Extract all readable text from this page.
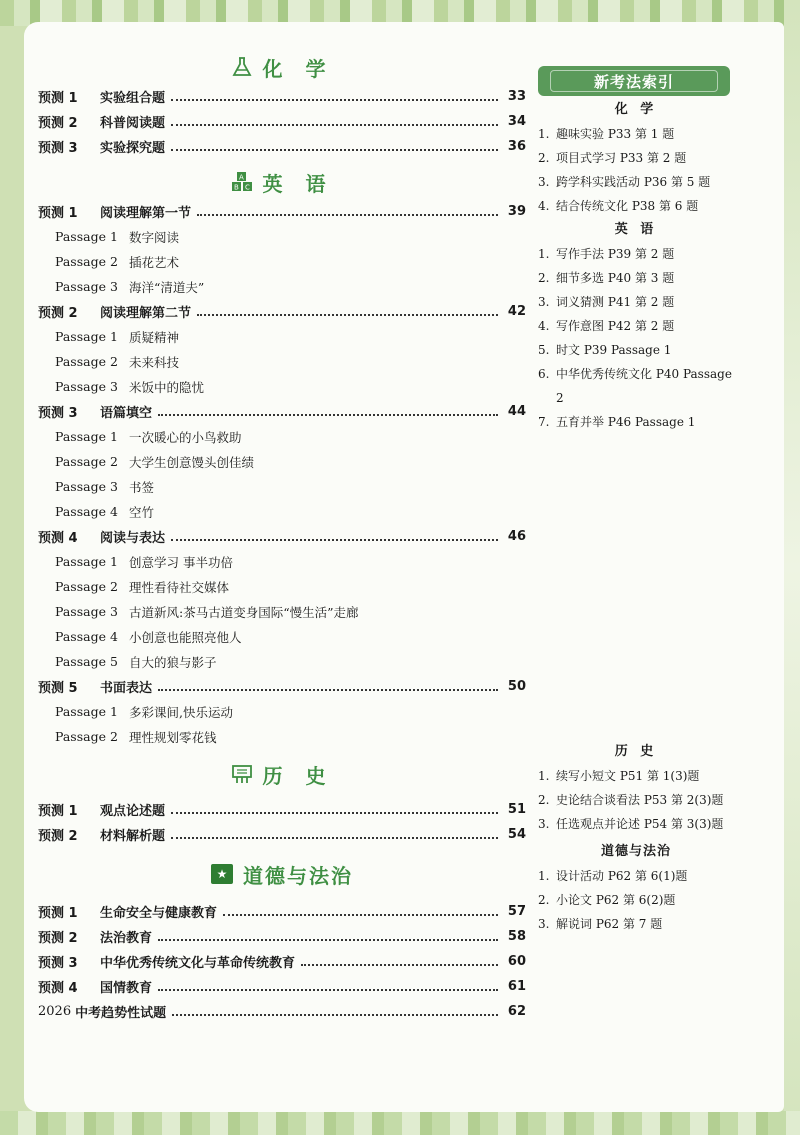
化 学
预测 1	实验组合题	33
预测 2	科普阅读题	34
预测 3	实验探究题	36
A
B C 英 语
预测 1	阅读理解第一节	39
Passage 1 数字阅读
Passage 2 插花艺术
Passage 3 海洋“清道夫”
预测 2	阅读理解第二节	42
Passage 1 质疑精神
Passage 2 未来科技
Passage 3 米饭中的隐忧
预测 3	语篇填空	44
Passage 1 一次暖心的小鸟救助
Passage 2 大学生创意馒头创佳绩
Passage 3 书签
Passage 4 空竹
预测 4	阅读与表达	46
Passage 1 创意学习 事半功倍
Passage 2 理性看待社交媒体
Passage 3 古道新风:茶马古道变身国际“慢生活”走廊
Passage 4 小创意也能照亮他人
Passage 5 自大的狼与影子
预测 5	书面表达	50
Passage 1 多彩课间,快乐运动
Passage 2 理性规划零花钱
历 史
预测 1	观点论述题	51
预测 2	材料解析题	54
★ 道德与法治
预测 1	生命安全与健康教育	57
预测 2	法治教育	58
预测 3	中华优秀传统文化与革命传统教育	60
预测 4	国情教育	61
2026 中考趋势性试题	62
新考法索引
化 学
1. 趣味实验 P33 第 1 题
2. 项目式学习 P33 第 2 题
3. 跨学科实践活动 P36 第 5 题
4. 结合传统文化 P38 第 6 题
英 语
1. 写作手法 P39 第 2 题
2. 细节多选 P40 第 3 题
3. 词义猜测 P41 第 2 题
4. 写作意图 P42 第 2 题
5. 时文 P39 Passage 1
6. 中华优秀传统文化 P40 Passage 2
7. 五育并举 P46 Passage 1
历 史
1. 续写小短文 P51 第 1(3)题
2. 史论结合谈看法 P53 第 2(3)题
3. 任选观点并论述 P54 第 3(3)题
道德与法治
1. 设计活动 P62 第 6(1)题
2. 小论文 P62 第 6(2)题
3. 解说词 P62 第 7 题
